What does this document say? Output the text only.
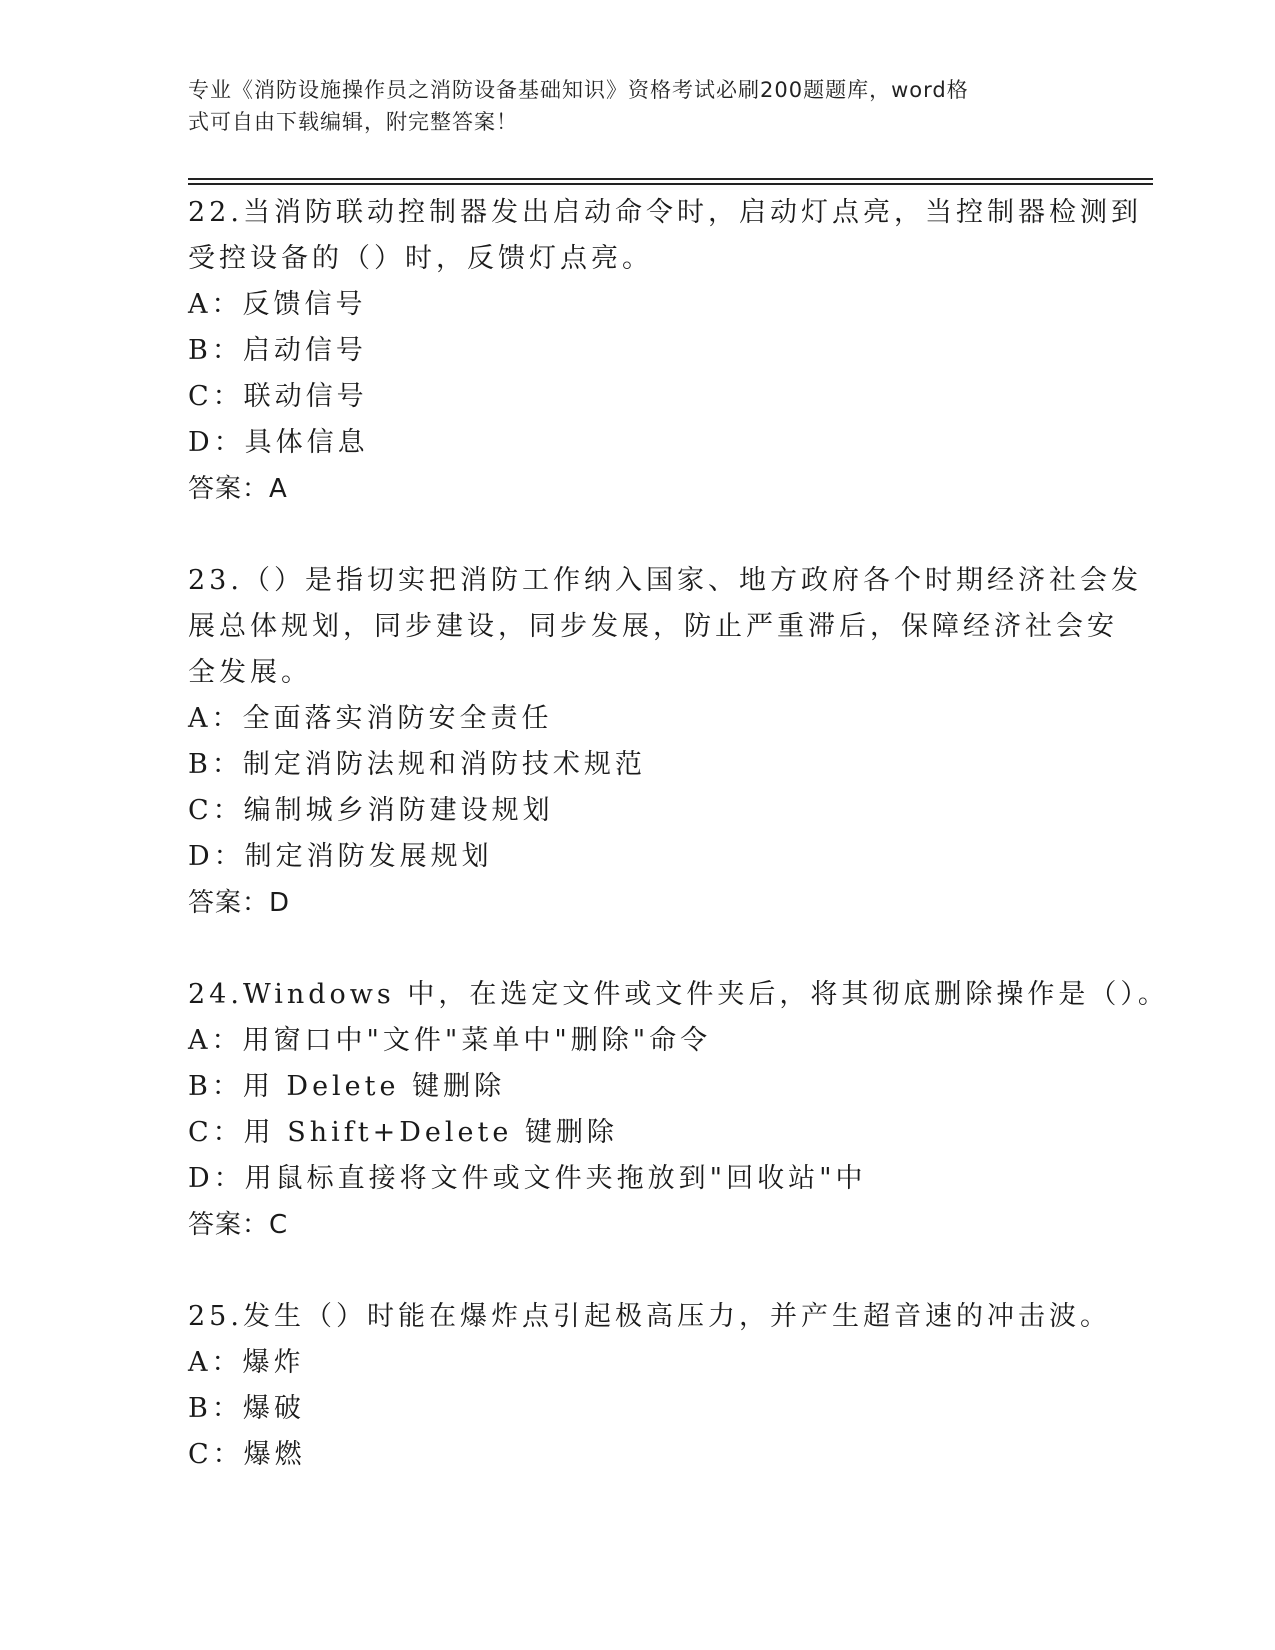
专业《消防设施操作员之消防设备基础知识》资格考试必刷200题题库，word格
式可自由下载编辑，附完整答案！
22.当消防联动控制器发出启动命令时，启动灯点亮，当控制器检测到
受控设备的（）时，反馈灯点亮。
A：反馈信号
B：启动信号
C：联动信号
D：具体信息
答案：A
23.（）是指切实把消防工作纳入国家、地方政府各个时期经济社会发
展总体规划，同步建设，同步发展，防止严重滞后，保障经济社会安
全发展。
A：全面落实消防安全责任
B：制定消防法规和消防技术规范
C：编制城乡消防建设规划
D：制定消防发展规划
答案：D
24.Windows 中，在选定文件或文件夹后，将其彻底删除操作是（）。
A：用窗口中"文件"菜单中"删除"命令
B：用 Delete 键删除
C：用 Shift+Delete 键删除
D：用鼠标直接将文件或文件夹拖放到"回收站"中
答案：C
25.发生（）时能在爆炸点引起极高压力，并产生超音速的冲击波。
A：爆炸
B：爆破
C：爆燃
